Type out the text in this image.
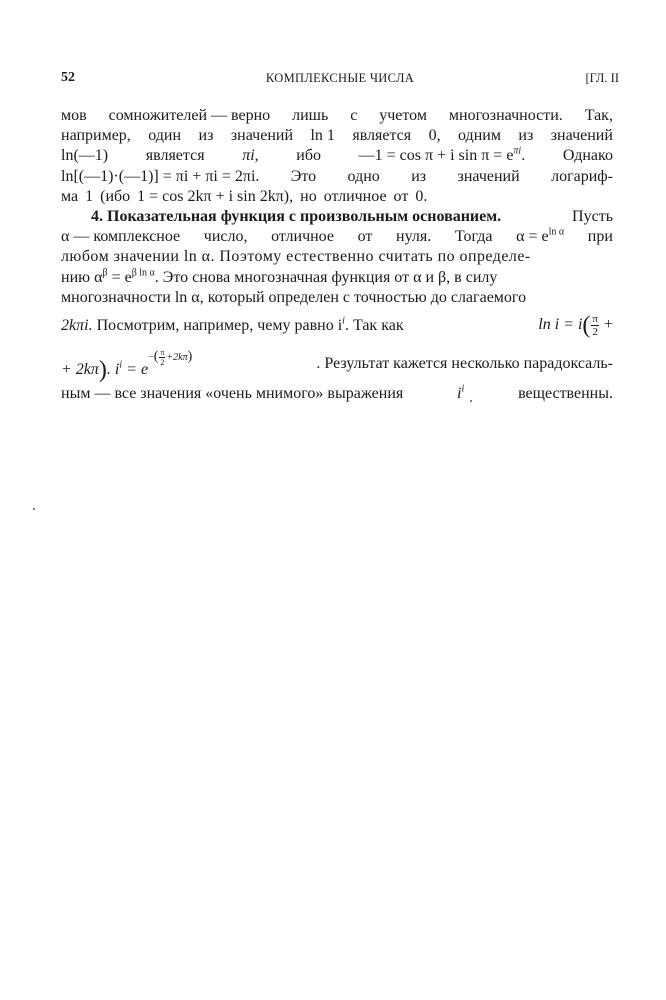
52	КОМПЛЕКСНЫЕ ЧИСЛА	[ГЛ. II
мов сомножителей — верно лишь с учетом многозначности. Так,
например, один из значений ln 1 является 0, одним из значений
ln(—1) является πi, ибо —1 = cos π + i $\sin \pi = e^{\pi i}$. Однако
ln[(—1)·(—1)] = πi + πi = 2πi. Это одно из значений логариф-
ма 1 (ибо 1 = cos 2kπ + i sin 2kπ), но отличное от 0.
4. Показательная функция с произвольным основанием.	Пусть
α — комплексное число, отличное от нуля. Тогда $\alpha = e^{ln \alpha}$ при
любом значении ln α. Поэтому естественно считать по определе-
нию $\alpha^\beta = e^{\beta ln \alpha}$. Это снова многозначная функция от α и β, в силу
многозначности ln α, который определен с точностью до слагаемого
2kπi. Посмотрим, например, чему равно $i^i$. Так как	$\ln i = i( \frac{\pi}{2}$ +
+ 2kπ). $i^i = e-( \frac{\pi}{2} +2k\pi)$	. Результат кажется несколько парадоксаль-
ным — все значения «очень мнимого» выражения	$i^i$	вещественны.
